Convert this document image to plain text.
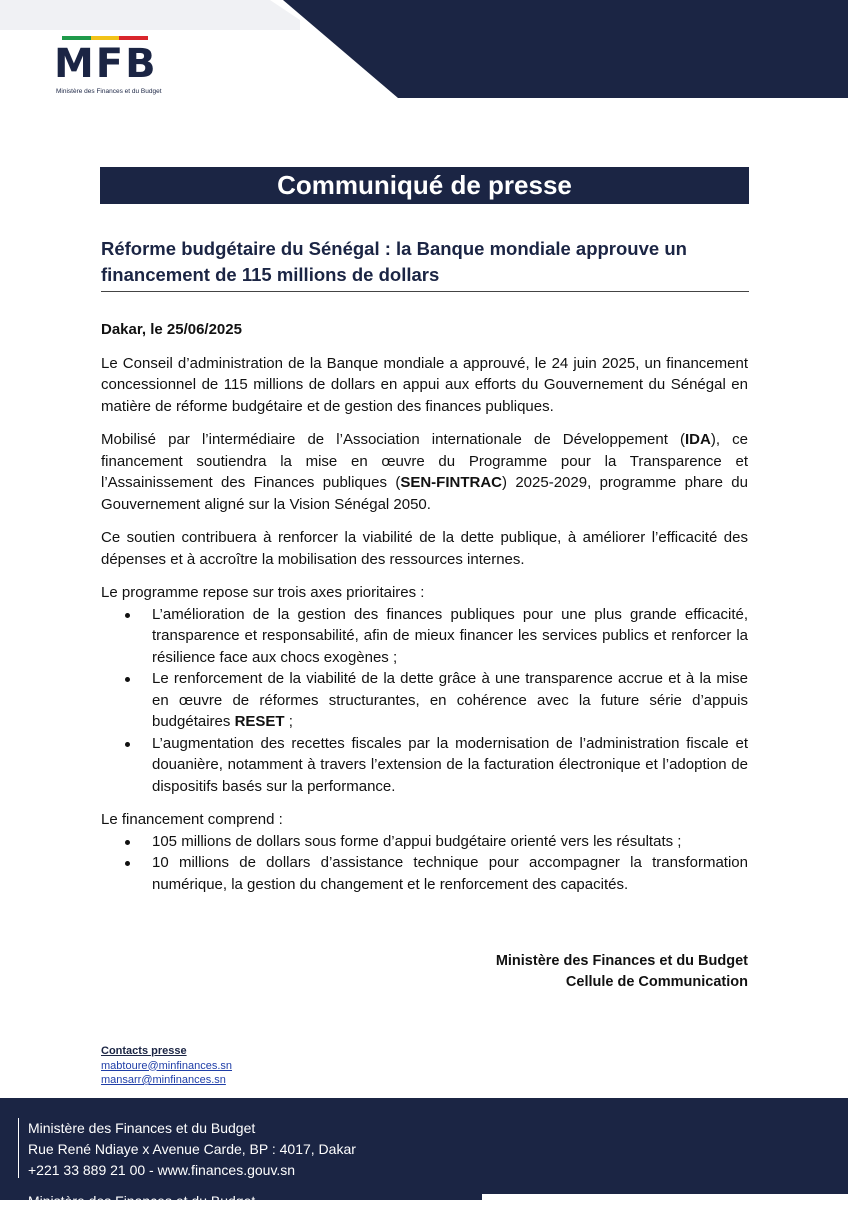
MFB
Ministère des Finances et du Budget
Communiqué de presse
Réforme budgétaire du Sénégal : la Banque mondiale approuve un financement de 115 millions de dollars

Dakar, le 25/06/2025

Le Conseil d’administration de la Banque mondiale a approuvé, le 24 juin 2025, un financement concessionnel de 115 millions de dollars en appui aux efforts du Gouvernement du Sénégal en matière de réforme budgétaire et de gestion des finances publiques.

Mobilisé par l’intermédiaire de l’Association internationale de Développement (IDA), ce financement soutiendra la mise en œuvre du Programme pour la Transparence et l’Assainissement des Finances publiques (SEN-FINTRAC) 2025-2029, programme phare du Gouvernement aligné sur la Vision Sénégal 2050.

Ce soutien contribuera à renforcer la viabilité de la dette publique, à améliorer l’efficacité des dépenses et à accroître la mobilisation des ressources internes.

Le programme repose sur trois axes prioritaires :

L’amélioration de la gestion des finances publiques pour une plus grande efficacité, transparence et responsabilité, afin de mieux financer les services publics et renforcer la résilience face aux chocs exogènes ;
Le renforcement de la viabilité de la dette grâce à une transparence accrue et à la mise en œuvre de réformes structurantes, en cohérence avec la future série d’appuis budgétaires RESET ;
L’augmentation des recettes fiscales par la modernisation de l’administration fiscale et douanière, notamment à travers l’extension de la facturation électronique et l’adoption de dispositifs basés sur la performance.

Le financement comprend :

105 millions de dollars sous forme d’appui budgétaire orienté vers les résultats ;
10 millions de dollars d’assistance technique pour accompagner la transformation numérique, la gestion du changement et le renforcement des capacités.
Ministère des Finances et du Budget
Cellule de Communication
Contacts presse
mabtoure@minfinances.sn
mansarr@minfinances.sn
Ministère des Finances et du Budget
Rue René Ndiaye x Avenue Carde, BP : 4017, Dakar
+221 33 889 21 00 - www.finances.gouv.sn
Ministère des Finances et du Budget
